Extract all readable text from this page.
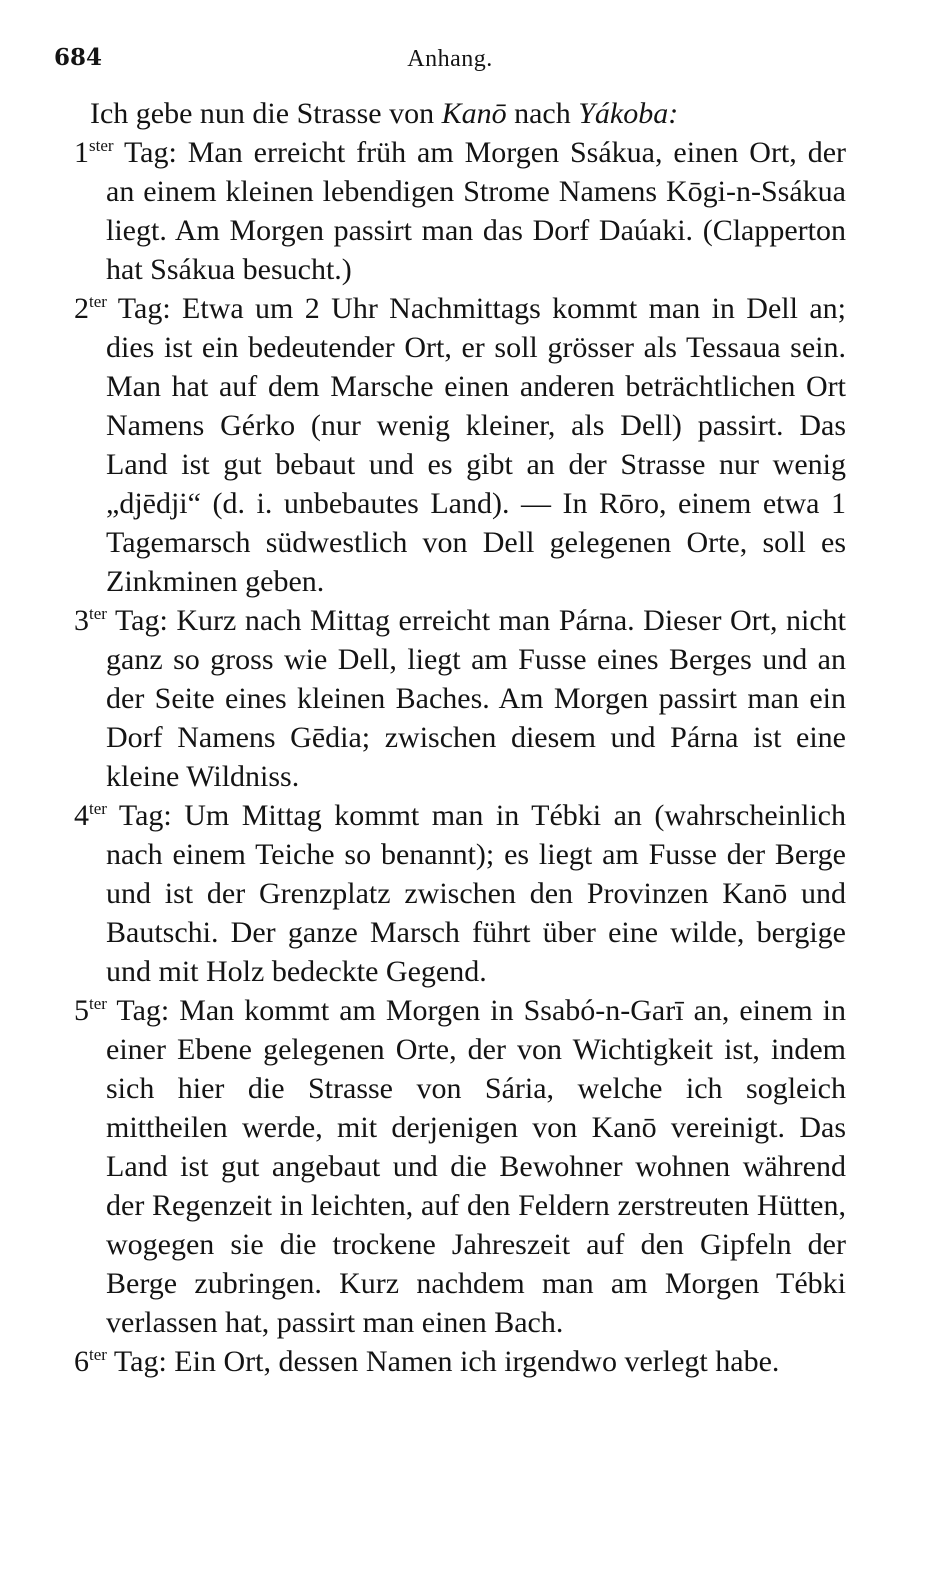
684	Anhang.

Ich gebe nun die Strasse von Kanō nach Yákoba:

$1^{ster}$ Tag: Man erreicht früh am Morgen Ssákua, einen Ort, der an einem kleinen lebendigen Strome Namens Kōgi-n-Ssákua liegt. Am Morgen passirt man das Dorf Daúaki. (Clapperton hat Ssákua besucht.)

$2^{ter}$ Tag: Etwa um 2 Uhr Nachmittags kommt man in Dell an; dies ist ein bedeutender Ort, er soll grösser als Tessaua sein. Man hat auf dem Marsche einen anderen beträchtlichen Ort Namens Gérko (nur wenig kleiner, als Dell) passirt. Das Land ist gut bebaut und es gibt an der Strasse nur wenig „djēdji“ (d. i. unbebautes Land). — In Rōro, einem etwa 1 Tagemarsch südwestlich von Dell gelegenen Orte, soll es Zinkminen geben.

$3^{ter}$ Tag: Kurz nach Mittag erreicht man Párna. Dieser Ort, nicht ganz so gross wie Dell, liegt am Fusse eines Berges und an der Seite eines kleinen Baches. Am Morgen passirt man ein Dorf Namens Gēdia; zwischen diesem und Párna ist eine kleine Wildniss.

$4^{ter}$ Tag: Um Mittag kommt man in Tébki an (wahrscheinlich nach einem Teiche so benannt); es liegt am Fusse der Berge und ist der Grenzplatz zwischen den Provinzen Kanō und Bautschi. Der ganze Marsch führt über eine wilde, bergige und mit Holz bedeckte Gegend.

$5^{ter}$ Tag: Man kommt am Morgen in Ssabó-n-Garī an, einem in einer Ebene gelegenen Orte, der von Wichtigkeit ist, indem sich hier die Strasse von Sária, welche ich sogleich mittheilen werde, mit derjenigen von Kanō vereinigt. Das Land ist gut angebaut und die Bewohner wohnen während der Regenzeit in leichten, auf den Feldern zerstreuten Hütten, wogegen sie die trockene Jahreszeit auf den Gipfeln der Berge zubringen. Kurz nachdem man am Morgen Tébki verlassen hat, passirt man einen Bach.

$6^{ter}$ Tag: Ein Ort, dessen Namen ich irgendwo verlegt habe.
